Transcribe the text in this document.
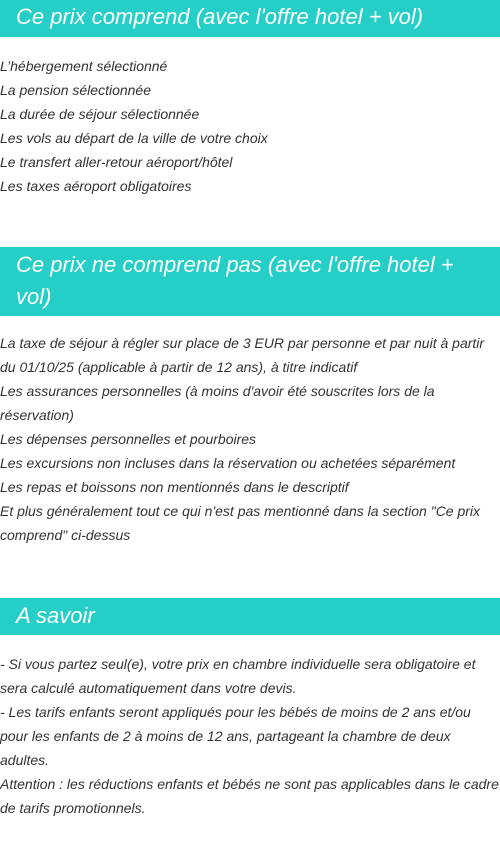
Ce prix comprend (avec l'offre hotel + vol)
L’hébergement sélectionné
La pension sélectionnée
La durée de séjour sélectionnée
Les vols au départ de la ville de votre choix
Le transfert aller-retour aéroport/hôtel
Les taxes aéroport obligatoires
Ce prix ne comprend pas (avec l'offre hotel + vol)
La taxe de séjour à régler sur place de 3 EUR par personne et par nuit à partir du 01/10/25 (applicable à partir de 12 ans), à titre indicatif
Les assurances personnelles (à moins d'avoir été souscrites lors de la réservation)
Les dépenses personnelles et pourboires
Les excursions non incluses dans la réservation ou achetées séparément
Les repas et boissons non mentionnés dans le descriptif
Et plus généralement tout ce qui n'est pas mentionné dans la section "Ce prix comprend" ci-dessus
A savoir
- Si vous partez seul(e), votre prix en chambre individuelle sera obligatoire et sera calculé automatiquement dans votre devis.
- Les tarifs enfants seront appliqués pour les bébés de moins de 2 ans et/ou pour les enfants de 2 à moins de 12 ans, partageant la chambre de deux adultes.
Attention : les réductions enfants et bébés ne sont pas applicables dans le cadre de tarifs promotionnels.
